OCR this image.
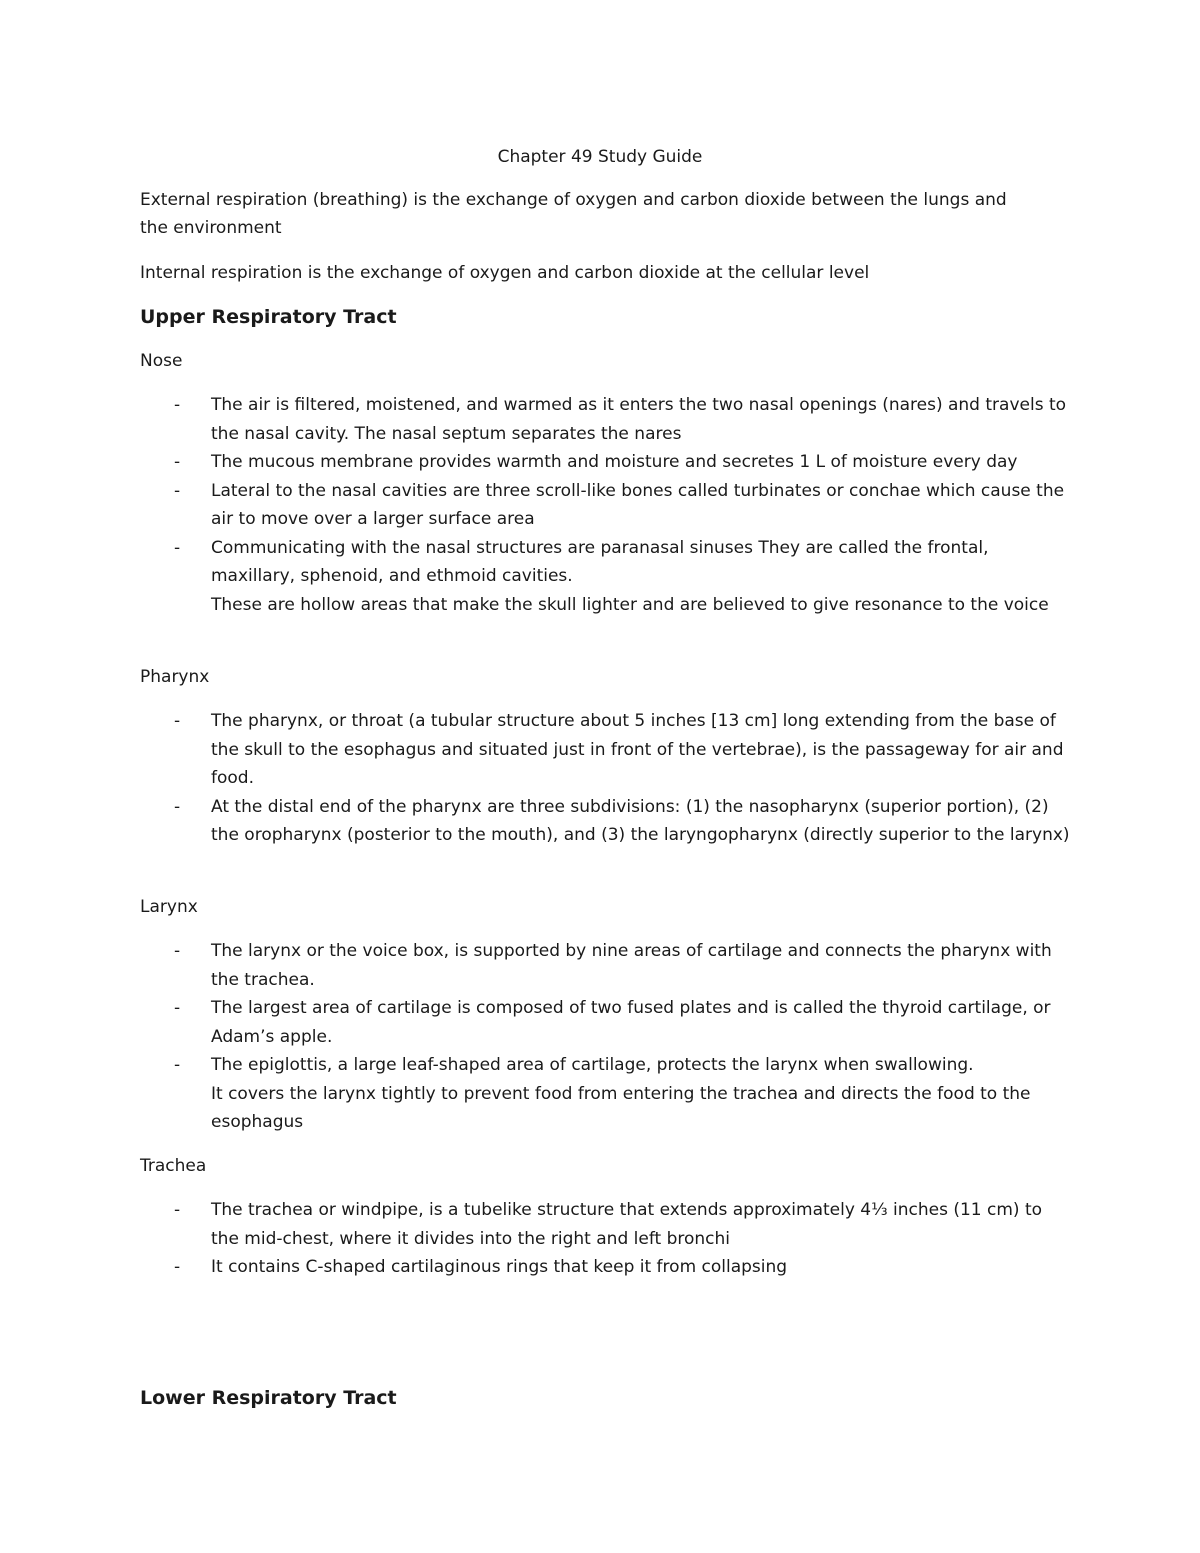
Chapter 49 Study Guide
External respiration (breathing) is the exchange of oxygen and carbon dioxide between the lungs and
the environment
Internal respiration is the exchange of oxygen and carbon dioxide at the cellular level
Upper Respiratory Tract
Nose
- The air is filtered, moistened, and warmed as it enters the two nasal openings (nares) and travels to the nasal cavity. The nasal septum separates the nares
- The mucous membrane provides warmth and moisture and secretes 1 L of moisture every day
- Lateral to the nasal cavities are three scroll-like bones called turbinates or conchae which cause the air to move over a larger surface area
- Communicating with the nasal structures are paranasal sinuses They are called the frontal, maxillary, sphenoid, and ethmoid cavities.
These are hollow areas that make the skull lighter and are believed to give resonance to the voice
Pharynx
- The pharynx, or throat (a tubular structure about 5 inches [13 cm] long extending from the base of the skull to the esophagus and situated just in front of the vertebrae), is the passageway for air and food.
- At the distal end of the pharynx are three subdivisions: (1) the nasopharynx (superior portion), (2) the oropharynx (posterior to the mouth), and (3) the laryngopharynx (directly superior to the larynx)
Larynx
- The larynx or the voice box, is supported by nine areas of cartilage and connects the pharynx with the trachea.
- The largest area of cartilage is composed of two fused plates and is called the thyroid cartilage, or Adam’s apple.
- The epiglottis, a large leaf-shaped area of cartilage, protects the larynx when swallowing.
It covers the larynx tightly to prevent food from entering the trachea and directs the food to the esophagus
Trachea
- The trachea or windpipe, is a tubelike structure that extends approximately 4⅓ inches (11 cm) to the mid-chest, where it divides into the right and left bronchi
- It contains C-shaped cartilaginous rings that keep it from collapsing
Lower Respiratory Tract
